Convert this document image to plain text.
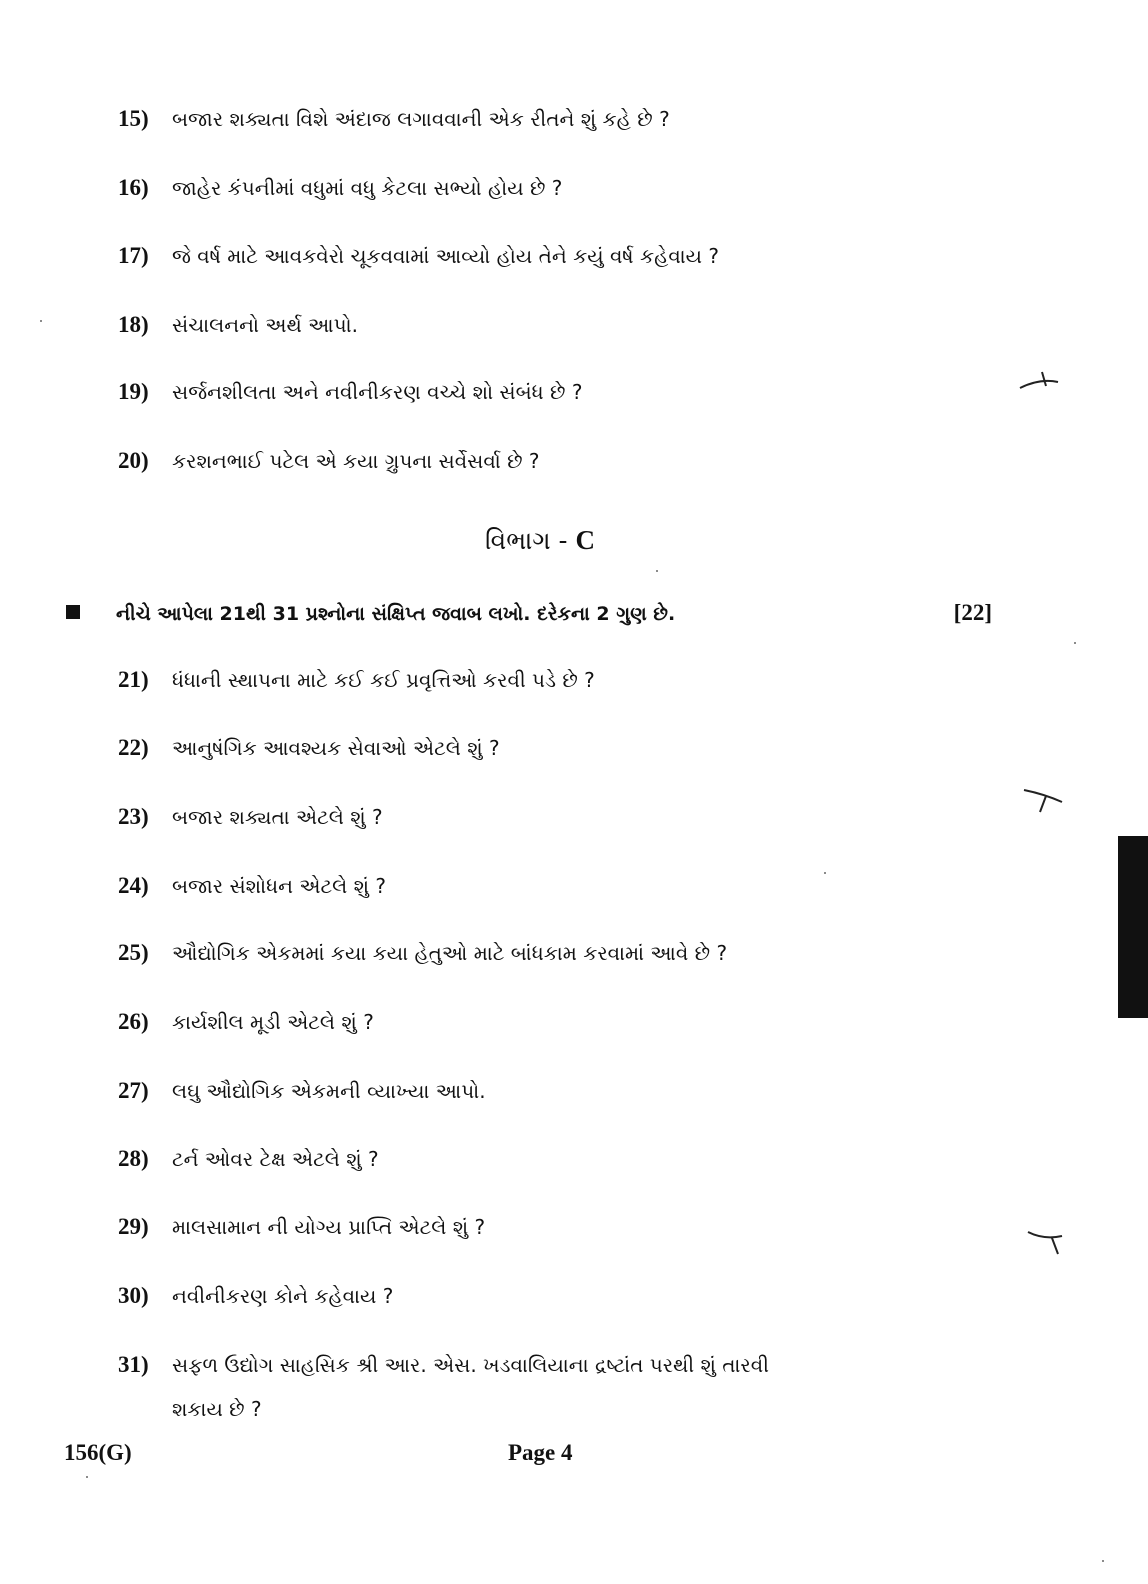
15) બજાર શક્યતા વિશે અંદાજ લગાવવાની એક રીતને શું કહે છે ?
16) જાહેર કંપનીમાં વધુમાં વધુ કેટલા સભ્યો હોય છે ?
17) જે વર્ષ માટે આવકવેરો ચૂકવવામાં આવ્યો હોય તેને કયું વર્ષ કહેવાય ?
18) સંચાલનનો અર્થ આપો.
19) સર્જનશીલતા અને નવીનીકરણ વચ્ચે શો સંબંધ છે ?
20) કરશનભાઈ પટેલ એ કયા ગ્રુપના સર્વેસર્વા છે ?
વિભાગ - C
નીચે આપેલા 21થી 31 પ્રશ્નોના સંક્ષિપ્ત જવાબ લખો. દરેકના 2 ગુણ છે.	[22]
21) ધંધાની સ્થાપના માટે કઈ કઈ પ્રવૃત્તિઓ કરવી પડે છે ?
22) આનુષંગિક આવશ્યક સેવાઓ એટલે શું ?
23) બજાર શક્યતા એટલે શું ?
24) બજાર સંશોધન એટલે શું ?
25) ઔદ્યોગિક એકમમાં કયા કયા હેતુઓ માટે બાંધકામ કરવામાં આવે છે ?
26) કાર્યશીલ મૂડી એટલે શું ?
27) લઘુ ઔદ્યોગિક એકમની વ્યાખ્યા આપો.
28) ટર્ન ઓવર ટેક્ષ એટલે શું ?
29) માલસામાન ની યોગ્ય પ્રાપ્તિ એટલે શું ?
30) નવીનીકરણ કોને કહેવાય ?
31) સફળ ઉદ્યોગ સાહસિક શ્રી આર. એસ. ખડવાલિયાના દ્રષ્ટાંત પરથી શું તારવી
શકાય છે ?
156(G)	Page 4
